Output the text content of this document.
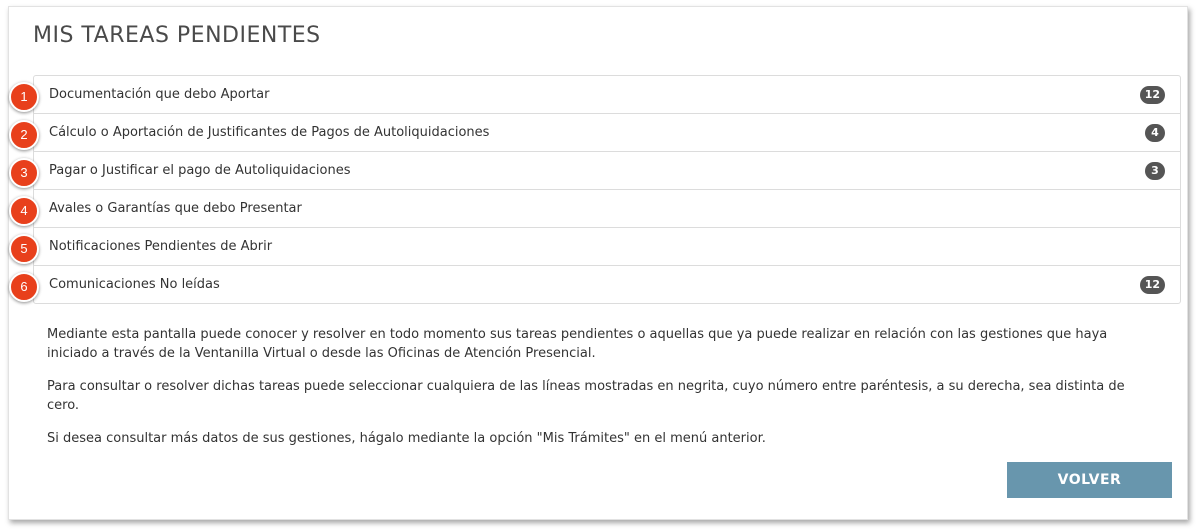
MIS TAREAS PENDIENTES
1	Documentación que debo Aportar	12
2	Cálculo o Aportación de Justificantes de Pagos de Autoliquidaciones	4
3	Pagar o Justificar el pago de Autoliquidaciones	3
4	Avales o Garantías que debo Presentar
5	Notificaciones Pendientes de Abrir
6	Comunicaciones No leídas	12

Mediante esta pantalla puede conocer y resolver en todo momento sus tareas pendientes o aquellas que ya puede realizar en relación con las gestiones que haya iniciado a través de la Ventanilla Virtual o desde las Oficinas de Atención Presencial.

Para consultar o resolver dichas tareas puede seleccionar cualquiera de las líneas mostradas en negrita, cuyo número entre paréntesis, a su derecha, sea distinta de cero.

Si desea consultar más datos de sus gestiones, hágalo mediante la opción "Mis Trámites" en el menú anterior.

VOLVER
